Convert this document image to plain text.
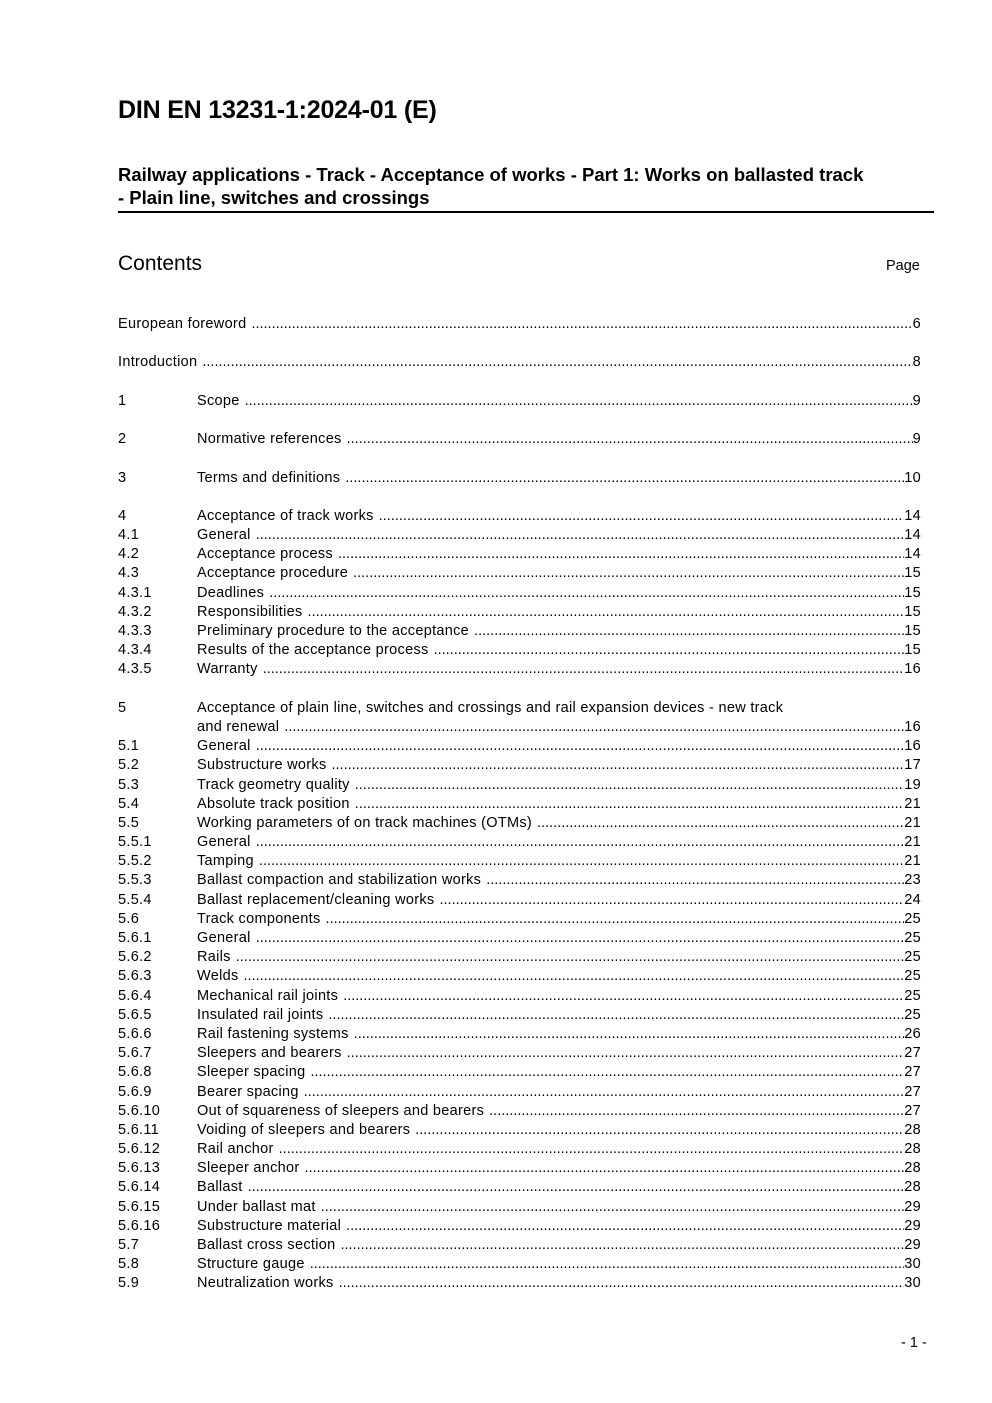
DIN EN 13231-1:2024-01 (E)
Railway applications - Track - Acceptance of works - Part 1: Works on ballasted track
- Plain line, switches and crossings
Contents	Page
European foreword .....	6
Introduction .....	8
1	Scope .....	9
2	Normative references .....	9
3	Terms and definitions .....	10
4	Acceptance of track works .....	14
4.1	General .....	14
4.2	Acceptance process .....	14
4.3	Acceptance procedure .....	15
4.3.1	Deadlines .....	15
4.3.2	Responsibilities .....	15
4.3.3	Preliminary procedure to the acceptance .....	15
4.3.4	Results of the acceptance process .....	15
4.3.5	Warranty .....	16
5	Acceptance of plain line, switches and crossings and rail expansion devices - new track
and renewal .....	16
5.1	General .....	16
5.2	Substructure works .....	17
5.3	Track geometry quality .....	19
5.4	Absolute track position .....	21
5.5	Working parameters of on track machines (OTMs) .....	21
5.5.1	General .....	21
5.5.2	Tamping .....	21
5.5.3	Ballast compaction and stabilization works .....	23
5.5.4	Ballast replacement/cleaning works .....	24
5.6	Track components .....	25
5.6.1	General .....	25
5.6.2	Rails .....	25
5.6.3	Welds .....	25
5.6.4	Mechanical rail joints .....	25
5.6.5	Insulated rail joints .....	25
5.6.6	Rail fastening systems .....	26
5.6.7	Sleepers and bearers .....	27
5.6.8	Sleeper spacing .....	27
5.6.9	Bearer spacing .....	27
5.6.10	Out of squareness of sleepers and bearers .....	27
5.6.11	Voiding of sleepers and bearers .....	28
5.6.12	Rail anchor .....	28
5.6.13	Sleeper anchor .....	28
5.6.14	Ballast .....	28
5.6.15	Under ballast mat .....	29
5.6.16	Substructure material .....	29
5.7	Ballast cross section .....	29
5.8	Structure gauge .....	30
5.9	Neutralization works .....	30
- 1 -
